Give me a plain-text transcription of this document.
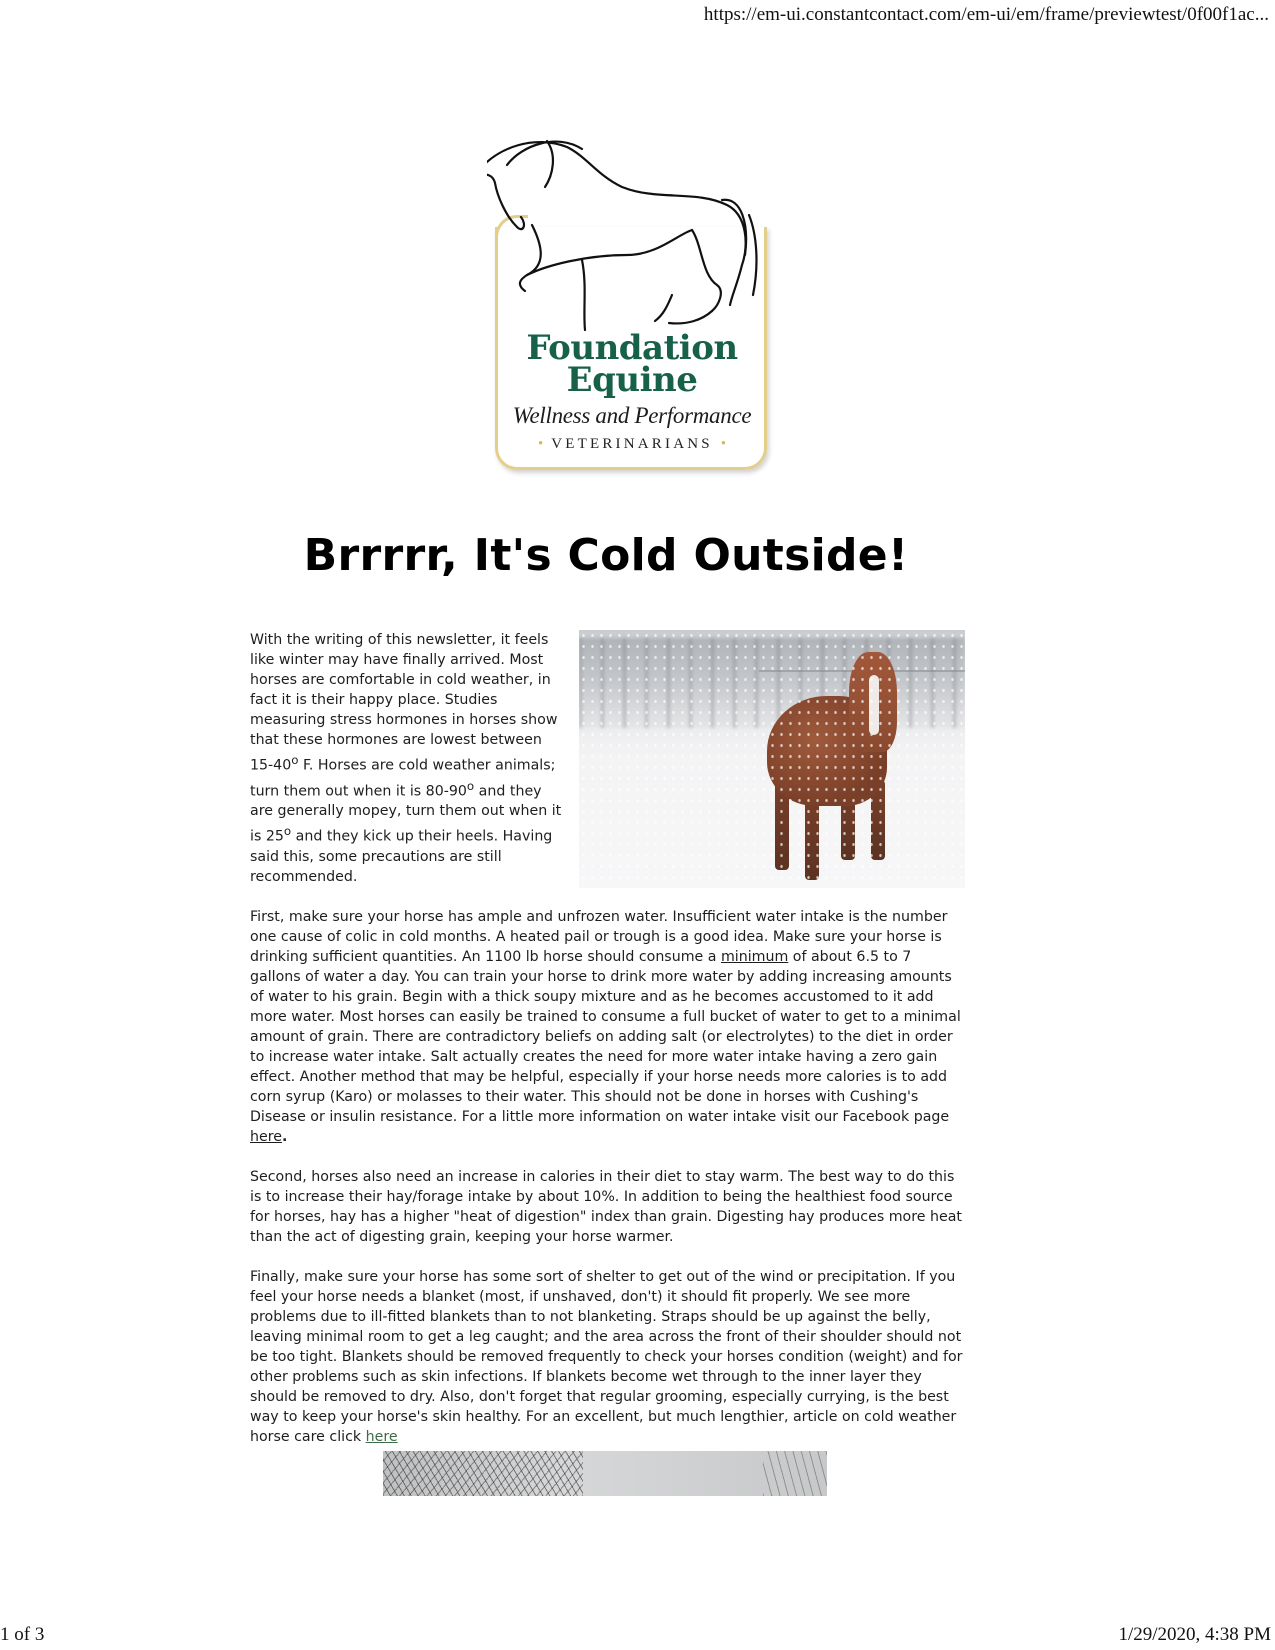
https://em-ui.constantcontact.com/em-ui/em/frame/previewtest/0f00f1ac...
Foundation
Equine
Wellness and Performance
• VETERINARIANS •
Brrrrr, It's Cold Outside!

With the writing of this newsletter, it feels like winter may have finally arrived. Most horses are comfortable in cold weather, in fact it is their happy place. Studies measuring stress hormones in horses show that these hormones are lowest between 15-40$^o$ F. Horses are cold weather animals; turn them out when it is 80-90$^o$ and they are generally mopey, turn them out when it is 25$^o$ and they kick up their heels. Having said this, some precautions are still recommended.

First, make sure your horse has ample and unfrozen water. Insufficient water intake is the number one cause of colic in cold months. A heated pail or trough is a good idea. Make sure your horse is drinking sufficient quantities. An 1100 lb horse should consume a minimum of about 6.5 to 7 gallons of water a day. You can train your horse to drink more water by adding increasing amounts of water to his grain. Begin with a thick soupy mixture and as he becomes accustomed to it add more water. Most horses can easily be trained to consume a full bucket of water to get to a minimal amount of grain. There are contradictory beliefs on adding salt (or electrolytes) to the diet in order to increase water intake. Salt actually creates the need for more water intake having a zero gain effect. Another method that may be helpful, especially if your horse needs more calories is to add corn syrup (Karo) or molasses to their water. This should not be done in horses with Cushing's Disease or insulin resistance. For a little more information on water intake visit our Facebook page here.

Second, horses also need an increase in calories in their diet to stay warm. The best way to do this is to increase their hay/forage intake by about 10%. In addition to being the healthiest food source for horses, hay has a higher "heat of digestion" index than grain. Digesting hay produces more heat than the act of digesting grain, keeping your horse warmer.

Finally, make sure your horse has some sort of shelter to get out of the wind or precipitation. If you feel your horse needs a blanket (most, if unshaved, don't) it should fit properly. We see more problems due to ill-fitted blankets than to not blanketing. Straps should be up against the belly, leaving minimal room to get a leg caught; and the area across the front of their shoulder should not be too tight. Blankets should be removed frequently to check your horses condition (weight) and for other problems such as skin infections. If blankets become wet through to the inner layer they should be removed to dry. Also, don't forget that regular grooming, especially currying, is the best way to keep your horse's skin healthy. For an excellent, but much lengthier, article on cold weather horse care click here

1 of 3	1/29/2020, 4:38 PM
